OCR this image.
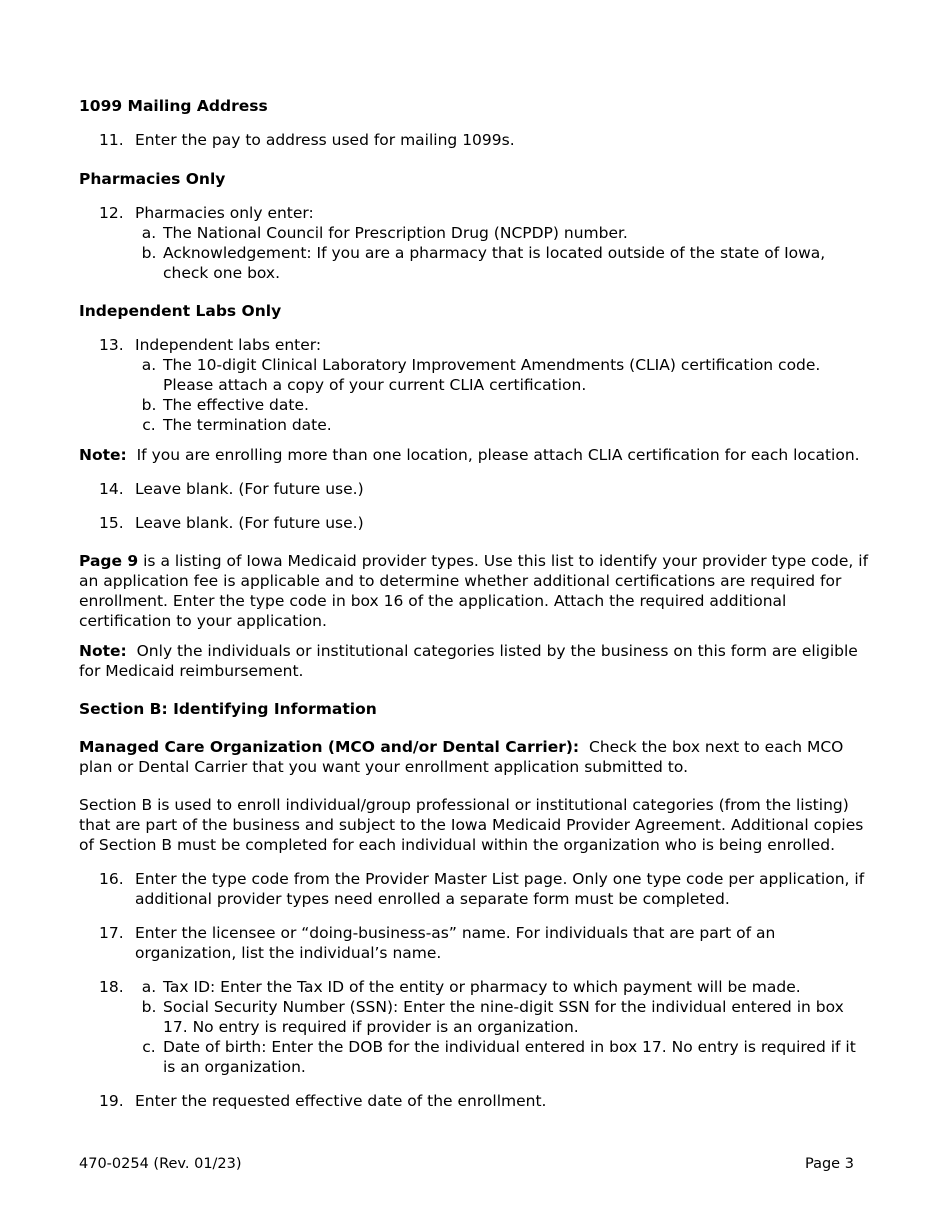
1099 Mailing Address

11. Enter the pay to address used for mailing 1099s.

Pharmacies Only

12. Pharmacies only enter:
a. The National Council for Prescription Drug (NCPDP) number.
b. Acknowledgement: If you are a pharmacy that is located outside of the state of Iowa, check one box.

Independent Labs Only

13. Independent labs enter:
a. The 10-digit Clinical Laboratory Improvement Amendments (CLIA) certification code. Please attach a copy of your current CLIA certification.
b. The effective date.
c. The termination date.

Note: If you are enrolling more than one location, please attach CLIA certification for each location.

14. Leave blank. (For future use.)
15. Leave blank. (For future use.)

Page 9 is a listing of Iowa Medicaid provider types. Use this list to identify your provider type code, if an application fee is applicable and to determine whether additional certifications are required for enrollment. Enter the type code in box 16 of the application. Attach the required additional certification to your application.

Note: Only the individuals or institutional categories listed by the business on this form are eligible for Medicaid reimbursement.

Section B: Identifying Information

Managed Care Organization (MCO and/or Dental Carrier): Check the box next to each MCO plan or Dental Carrier that you want your enrollment application submitted to.

Section B is used to enroll individual/group professional or institutional categories (from the listing) that are part of the business and subject to the Iowa Medicaid Provider Agreement. Additional copies of Section B must be completed for each individual within the organization who is being enrolled.

16. Enter the type code from the Provider Master List page. Only one type code per application, if additional provider types need enrolled a separate form must be completed.
17. Enter the licensee or “doing-business-as” name. For individuals that are part of an organization, list the individual’s name.
18.	a. Tax ID: Enter the Tax ID of the entity or pharmacy to which payment will be made.
b. Social Security Number (SSN): Enter the nine-digit SSN for the individual entered in box 17. No entry is required if provider is an organization.
c. Date of birth: Enter the DOB for the individual entered in box 17. No entry is required if it is an organization.
19. Enter the requested effective date of the enrollment.
470-0254 (Rev. 01/23)	Page 3
